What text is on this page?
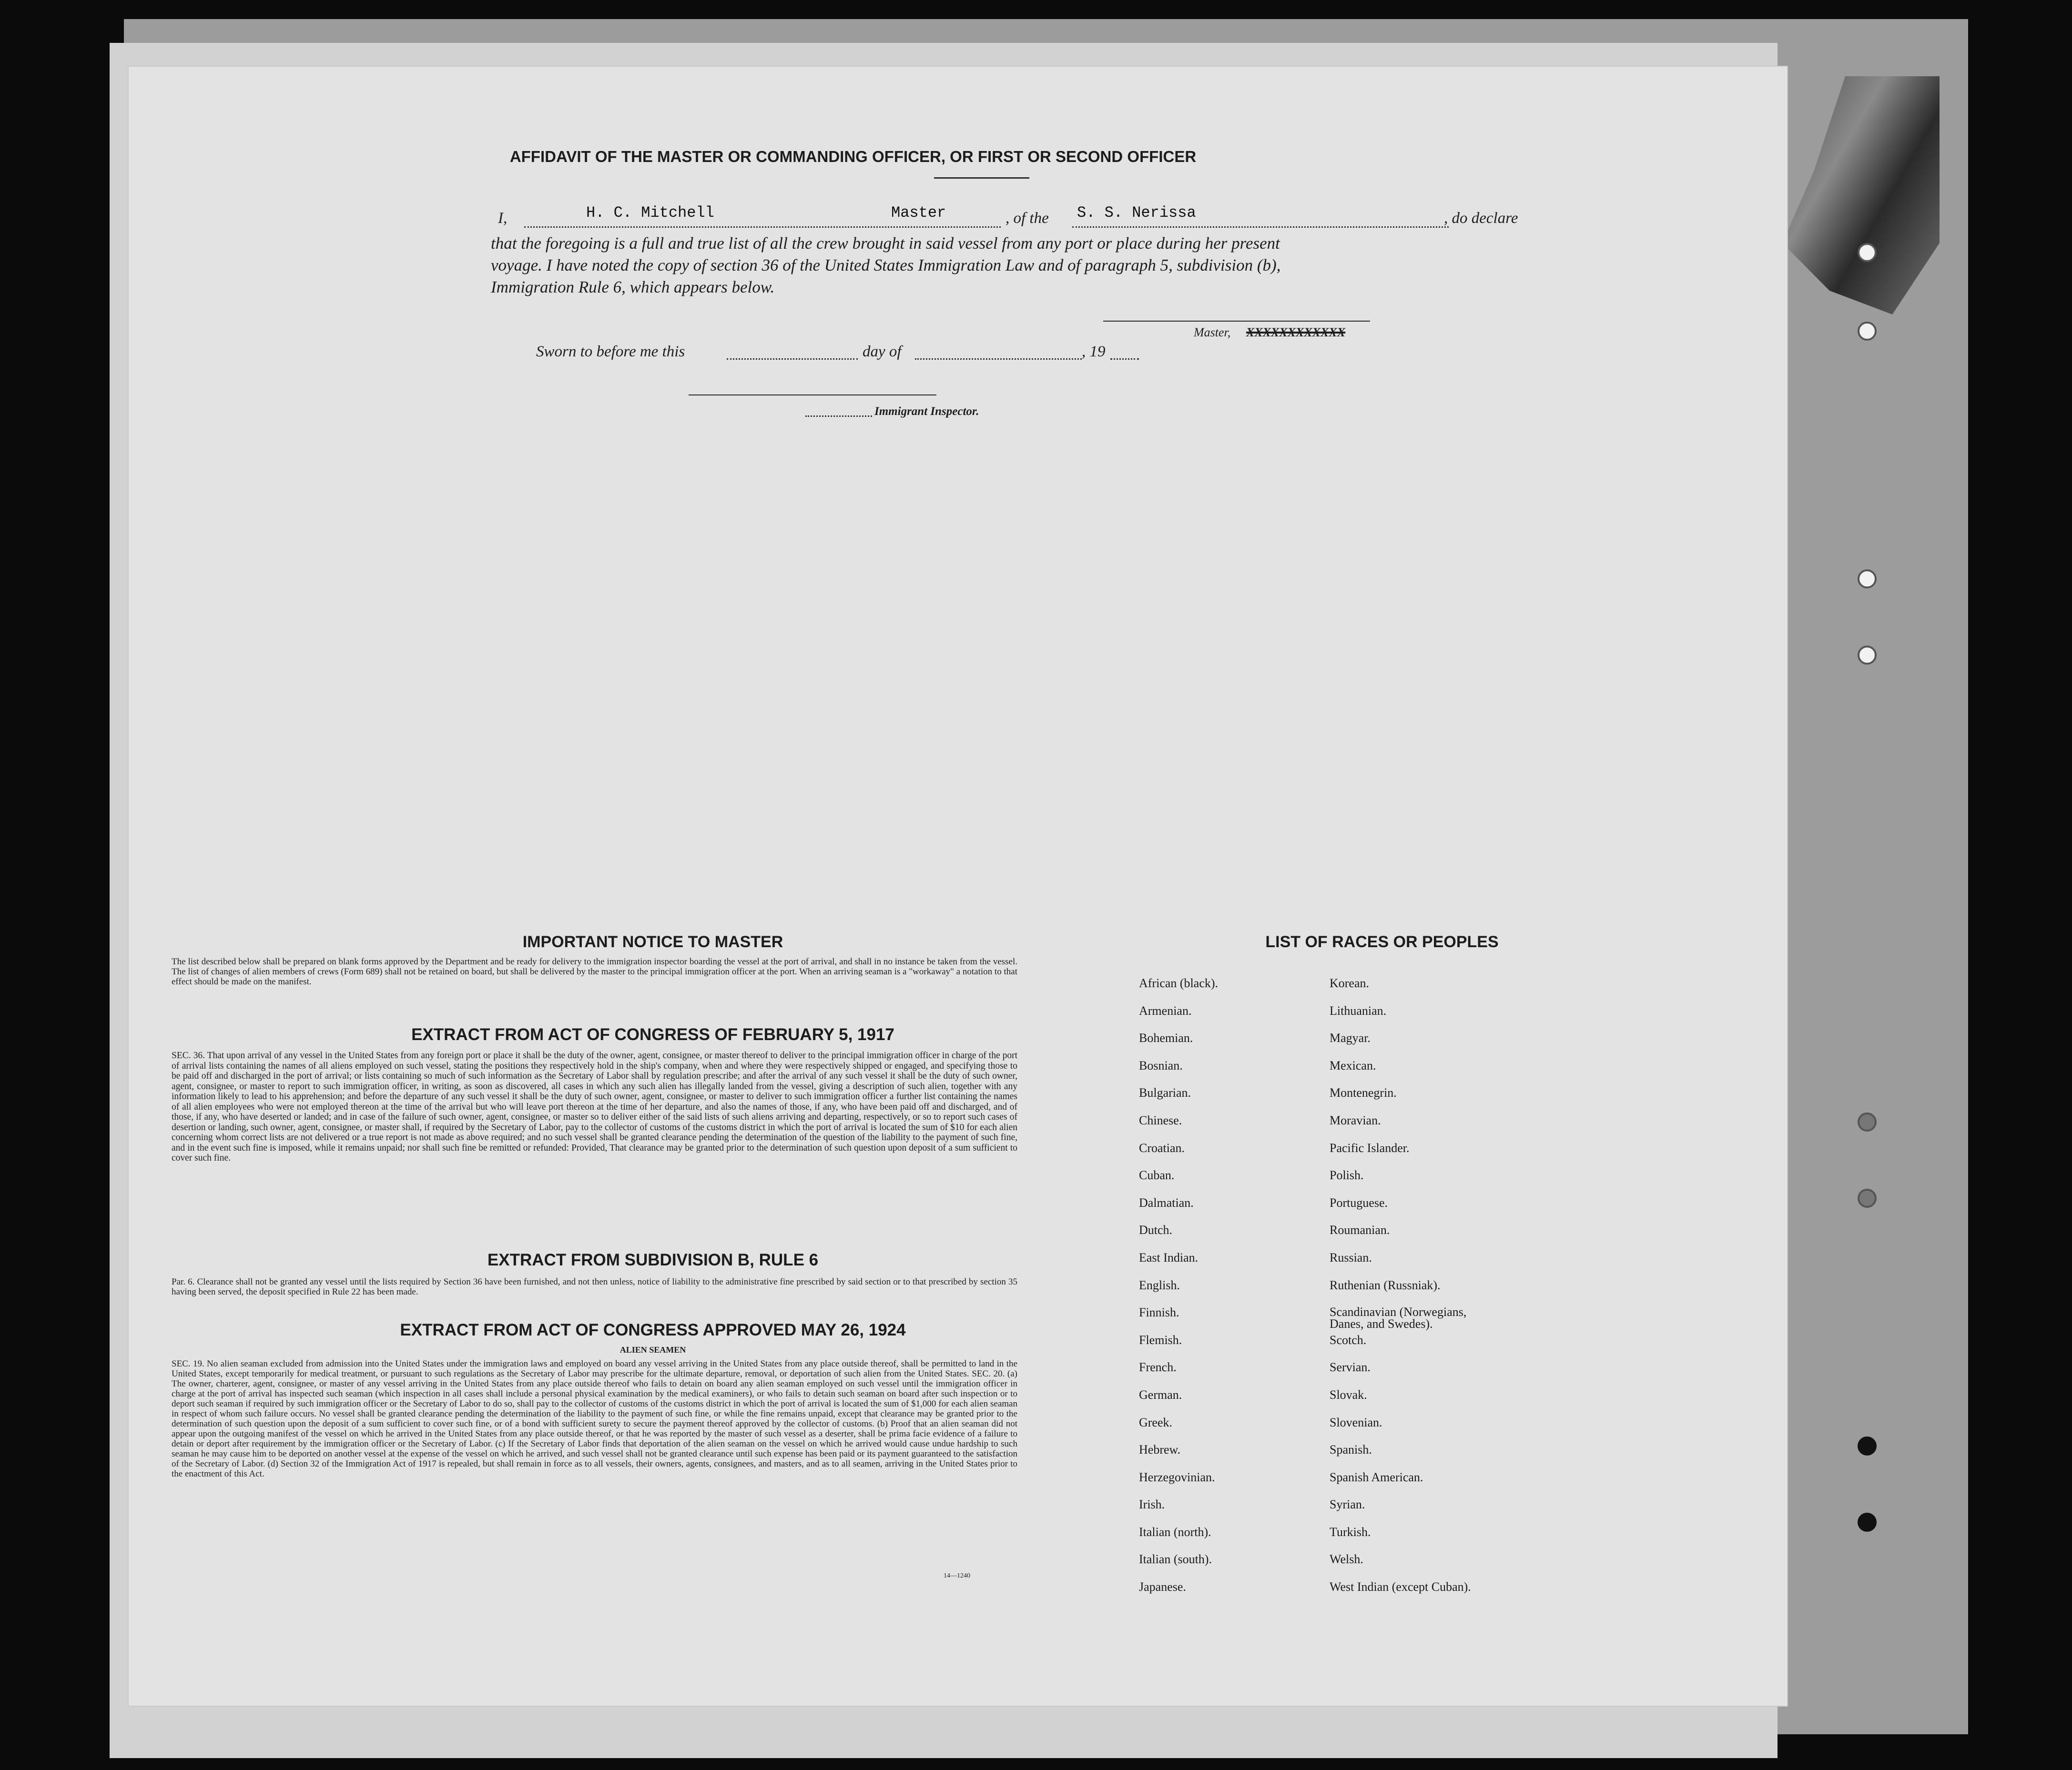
AFFIDAVIT OF THE MASTER OR COMMANDING OFFICER, OR FIRST OR SECOND OFFICER
I,	H. C. Mitchell	Master	, of the S. S. Nerissa	, do declare
that the foregoing is a full and true list of all the crew brought in said vessel from any port or place during her present
voyage. I have noted the copy of section 36 of the United States Immigration Law and of paragraph 5, subdivision (b),
Immigration Rule 6, which appears below.
Master, XXXXXXXXXXXX
Sworn to before me this	day of	, 19
Immigrant Inspector.
IMPORTANT NOTICE TO MASTER
The list described below shall be prepared on blank forms approved by the Department and be ready for delivery to the immigration inspector boarding the vessel at the port of arrival, and shall in no instance be taken from the vessel. The list of changes of alien members of crews (Form 689) shall not be retained on board, but shall be delivered by the master to the principal immigration officer at the port. When an arriving seaman is a "workaway" a notation to that effect should be made on the manifest.
EXTRACT FROM ACT OF CONGRESS OF FEBRUARY 5, 1917
SEC. 36. That upon arrival of any vessel in the United States from any foreign port or place it shall be the duty of the owner, agent, consignee, or master thereof to deliver to the principal immigration officer in charge of the port of arrival lists containing the names of all aliens employed on such vessel, stating the positions they respectively hold in the ship's company, when and where they were respectively shipped or engaged, and specifying those to be paid off and discharged in the port of arrival; or lists containing so much of such information as the Secretary of Labor shall by regulation prescribe; and after the arrival of any such vessel it shall be the duty of such owner, agent, consignee, or master to report to such immigration officer, in writing, as soon as discovered, all cases in which any such alien has illegally landed from the vessel, giving a description of such alien, together with any information likely to lead to his apprehension; and before the departure of any such vessel it shall be the duty of such owner, agent, consignee, or master to deliver to such immigration officer a further list containing the names of all alien employees who were not employed thereon at the time of the arrival but who will leave port thereon at the time of her departure, and also the names of those, if any, who have been paid off and discharged, and of those, if any, who have deserted or landed; and in case of the failure of such owner, agent, consignee, or master so to deliver either of the said lists of such aliens arriving and departing, respectively, or so to report such cases of desertion or landing, such owner, agent, consignee, or master shall, if required by the Secretary of Labor, pay to the collector of customs of the customs district in which the port of arrival is located the sum of $10 for each alien concerning whom correct lists are not delivered or a true report is not made as above required; and no such vessel shall be granted clearance pending the determination of the question of the liability to the payment of such fine, and in the event such fine is imposed, while it remains unpaid; nor shall such fine be remitted or refunded: Provided, That clearance may be granted prior to the determination of such question upon deposit of a sum sufficient to cover such fine.
EXTRACT FROM SUBDIVISION B, RULE 6
Par. 6. Clearance shall not be granted any vessel until the lists required by Section 36 have been furnished, and not then unless, notice of liability to the administrative fine prescribed by said section or to that prescribed by section 35 having been served, the deposit specified in Rule 22 has been made.
EXTRACT FROM ACT OF CONGRESS APPROVED MAY 26, 1924
ALIEN SEAMEN
SEC. 19. No alien seaman excluded from admission into the United States under the immigration laws and employed on board any vessel arriving in the United States from any place outside thereof, shall be permitted to land in the United States, except temporarily for medical treatment, or pursuant to such regulations as the Secretary of Labor may prescribe for the ultimate departure, removal, or deportation of such alien from the United States. SEC. 20. (a) The owner, charterer, agent, consignee, or master of any vessel arriving in the United States from any place outside thereof who fails to detain on board any alien seaman employed on such vessel until the immigration officer in charge at the port of arrival has inspected such seaman (which inspection in all cases shall include a personal physical examination by the medical examiners), or who fails to detain such seaman on board after such inspection or to deport such seaman if required by such immigration officer or the Secretary of Labor to do so, shall pay to the collector of customs of the customs district in which the port of arrival is located the sum of $1,000 for each alien seaman in respect of whom such failure occurs. No vessel shall be granted clearance pending the determination of the liability to the payment of such fine, or while the fine remains unpaid, except that clearance may be granted prior to the determination of such question upon the deposit of a sum sufficient to cover such fine, or of a bond with sufficient surety to secure the payment thereof approved by the collector of customs. (b) Proof that an alien seaman did not appear upon the outgoing manifest of the vessel on which he arrived in the United States from any place outside thereof, or that he was reported by the master of such vessel as a deserter, shall be prima facie evidence of a failure to detain or deport after requirement by the immigration officer or the Secretary of Labor. (c) If the Secretary of Labor finds that deportation of the alien seaman on the vessel on which he arrived would cause undue hardship to such seaman he may cause him to be deported on another vessel at the expense of the vessel on which he arrived, and such vessel shall not be granted clearance until such expense has been paid or its payment guaranteed to the satisfaction of the Secretary of Labor. (d) Section 32 of the Immigration Act of 1917 is repealed, but shall remain in force as to all vessels, their owners, agents, consignees, and masters, and as to all seamen, arriving in the United States prior to the enactment of this Act.
14—1240
LIST OF RACES OR PEOPLES
African (black).	Korean.
Armenian.	Lithuanian.
Bohemian.	Magyar.
Bosnian.	Mexican.
Bulgarian.	Montenegrin.
Chinese.	Moravian.
Croatian.	Pacific Islander.
Cuban.	Polish.
Dalmatian.	Portuguese.
Dutch.	Roumanian.
East Indian.	Russian.
English.	Ruthenian (Russniak).
Finnish.	Scandinavian (Norwegians, Danes, and Swedes).
Flemish.	Scotch.
French.	Servian.
German.	Slovak.
Greek.	Slovenian.
Hebrew.	Spanish.
Herzegovinian.	Spanish American.
Irish.	Syrian.
Italian (north).	Turkish.
Italian (south).	Welsh.
Japanese.	West Indian (except Cuban).
